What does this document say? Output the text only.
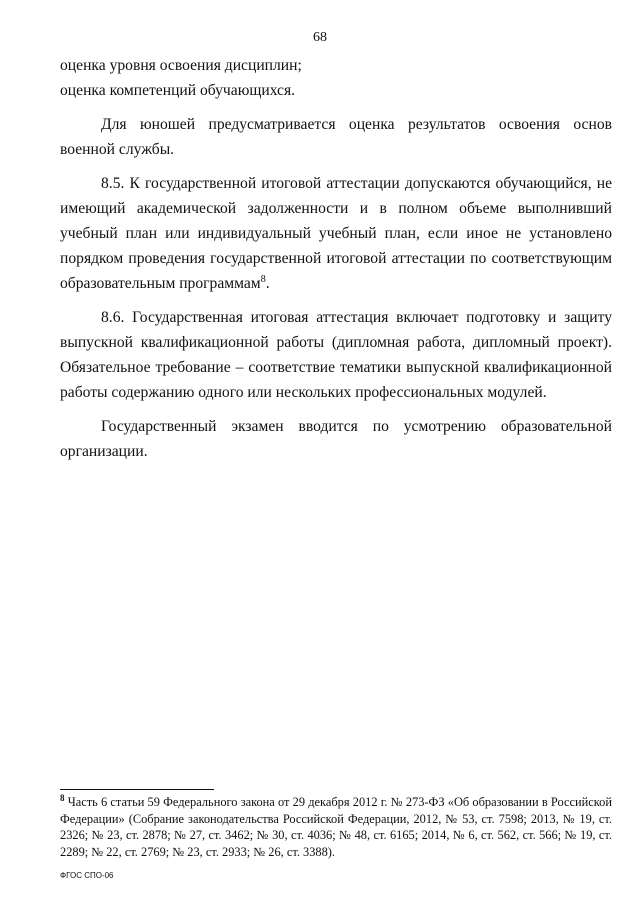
68

оценка уровня освоения дисциплин;

оценка компетенций обучающихся.

Для юношей предусматривается оценка результатов освоения основ военной службы.

8.5. К государственной итоговой аттестации допускаются обучающийся, не имеющий академической задолженности и в полном объеме выполнивший учебный план или индивидуальный учебный план, если иное не установлено порядком проведения государственной итоговой аттестации по соответствующим образовательным программам$^8$.

8.6. Государственная итоговая аттестация включает подготовку и защиту выпускной квалификационной работы (дипломная работа, дипломный проект). Обязательное требование – соответствие тематики выпускной квалификационной работы содержанию одного или нескольких профессиональных модулей.

Государственный экзамен вводится по усмотрению образовательной организации.

$^8$ Часть 6 статьи 59 Федерального закона от 29 декабря 2012 г. № 273-ФЗ «Об образовании в Российской Федерации» (Собрание законодательства Российской Федерации, 2012, № 53, ст. 7598; 2013, № 19, ст. 2326; № 23, ст. 2878; № 27, ст. 3462; № 30, ст. 4036; № 48, ст. 6165; 2014, № 6, ст. 562, ст. 566; № 19, ст. 2289; № 22, ст. 2769; № 23, ст. 2933; № 26, ст. 3388).

ФГОС СПО-06
